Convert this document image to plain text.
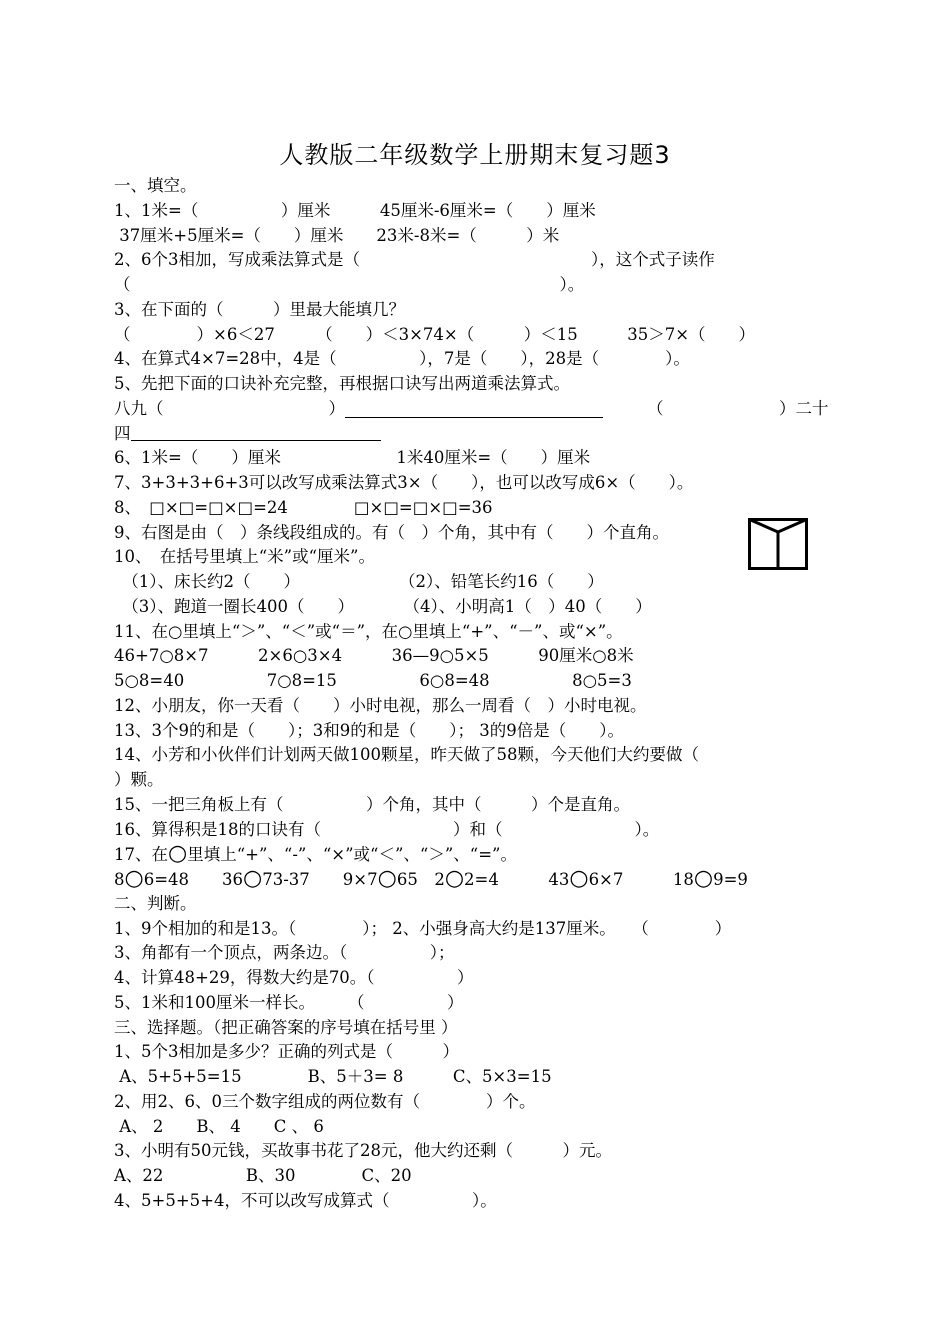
人教版二年级数学上册期末复习题3
一、填空。
1、1米=（　　　　　）厘米　　　45厘米-6厘米=（　　）厘米
37厘米+5厘米=（　　）厘米　　23米-8米=（　　　）米
2、6个3相加，写成乘法算式是（　　　　　　　　　　　　　　），这个式子读作
（　　　　　　　　　　　　　　　　　　　　　　　　　　）。
3、在下面的（　　　）里最大能填几？
（　　　　）×6＜27　　　（　　）＜3×74×（　　　）＜15　　　35＞7×（　　）
4、在算式4×7=28中，4是（　　　　　），7是（　　），28是（　　　　）。
5、先把下面的口诀补充完整，再根据口诀写出两道乘法算式。
八九（　　　　　　　　　　）　	（　　　　　　　）二十
四
6、1米=（　　）厘米　　　　　　　1米40厘米=（　　）厘米
7、3+3+3+6+3可以改写成乘法算式3×（　　），也可以改写成6×（　　）。
8、　□×□=□×□=24　　　　□×□=□×□=36
9、右图是由（　）条线段组成的。有（　）个角，其中有（　　）个直角。
10、　在括号里填上“米”或“厘米”。
　（1）、床长约2（　　）　　　　　　　（2）、铅笔长约16（　　）
　（3）、跑道一圈长400（　　）　　　　（4）、小明高1（　）40（　　）
11、在○里填上“＞”、“＜”或“＝”，在○里填上“+”、“－”、或“×”。
46+7○8×7　　　2×6○3×4　　　36—9○5×5　　　90厘米○8米
5○8=40　　　　　7○8=15　　　　　6○8=48　　　　　8○5=3
12、小朋友，你一天看（　　）小时电视，那么一周看（　）小时电视。
13、3个9的和是（　　）；3和9的和是（　　）； 3的9倍是（　　）。
14、小芳和小伙伴们计划两天做100颗星，昨天做了58颗，今天他们大约要做（
）颗。
15、一把三角板上有（　　　　　）个角，其中（　　　）个是直角。
16、算得积是18的口诀有（　　　　　　　　）和（　　　　　　　　）。
17、在○里填上“+”、“-”、“×”或“＜”、“＞”、“=”。
8○6=48　　36○73-37　　9×7○65　2○2=4　　　43○6×7　　　18○9=9
二、判断。
1、9个相加的和是13。（　　　　）； 2、小强身高大约是137厘米。　　（　　　　）
3、角都有一个顶点，两条边。（　　　　　）；
4、计算48+29，得数大约是70。（　　　　　）
5、1米和100厘米一样长。　　　（　　　　　）
三、选择题。（把正确答案的序号填在括号里 ）
1、5个3相加是多少？正确的列式是（　　　）
A、5+5+5=15　　　　B、5＋3= 8　　　C、5×3=15
2、用2、6、0三个数字组成的两位数有（　　　　）个。
A、 2　　B、 4　　C 、 6
3、小明有50元钱，买故事书花了28元，他大约还剩（　　　）元。
A、22　　　　　B、30　　　　C、20
4、5+5+5+4，不可以改写成算式（　　　　　）。
